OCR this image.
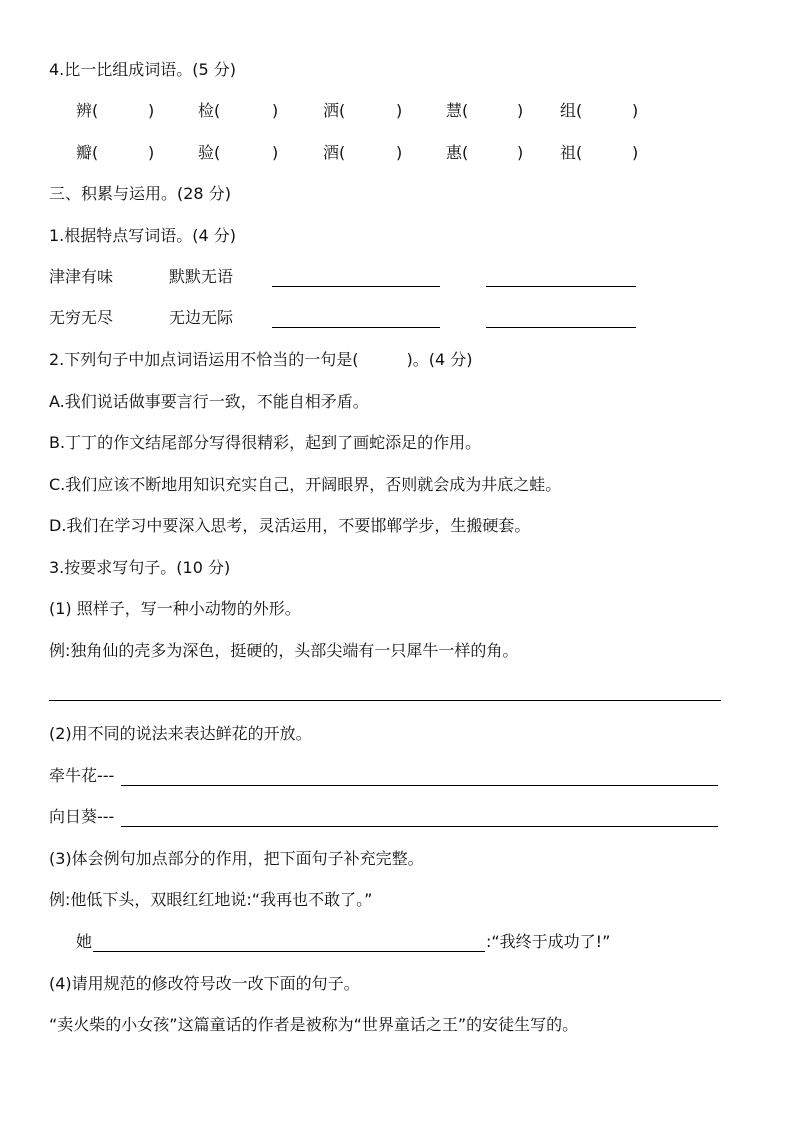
4.比一比组成词语。(5 分)
辨(	)	检(	)	洒(	)	慧(	) 组(	)
瓣(	)	验(	)	酒(	)	惠(	) 祖(	)
三、积累与运用。(28 分)
1.根据特点写词语。(4 分)
津津有味	默默无语
无穷无尽	无边无际
2.下列句子中加点词语运用不恰当的一句是(	)。(4 分)
A.我们说话做事要言行一致，不能自相矛盾。
B.丁丁的作文结尾部分写得很精彩，起到了画蛇添足的作用。
C.我们应该不断地用知识充实自己，开阔眼界，否则就会成为井底之蛙。
D.我们在学习中要深入思考，灵活运用，不要邯郸学步，生搬硬套。
3.按要求写句子。(10 分)
(1) 照样子，写一种小动物的外形。
例:独角仙的壳多为深色，挺硬的，头部尖端有一只犀牛一样的角。
(2)用不同的说法来表达鲜花的开放。
牵牛花---
向日葵---
(3)体会例句加点部分的作用，把下面句子补充完整。
例:他低下头，双眼红红地说:“我再也不敢了。”
她	:“我终于成功了!”
(4)请用规范的修改符号改一改下面的句子。
“卖火柴的小女孩”这篇童话的作者是被称为“世界童话之王”的安徒生写的。
